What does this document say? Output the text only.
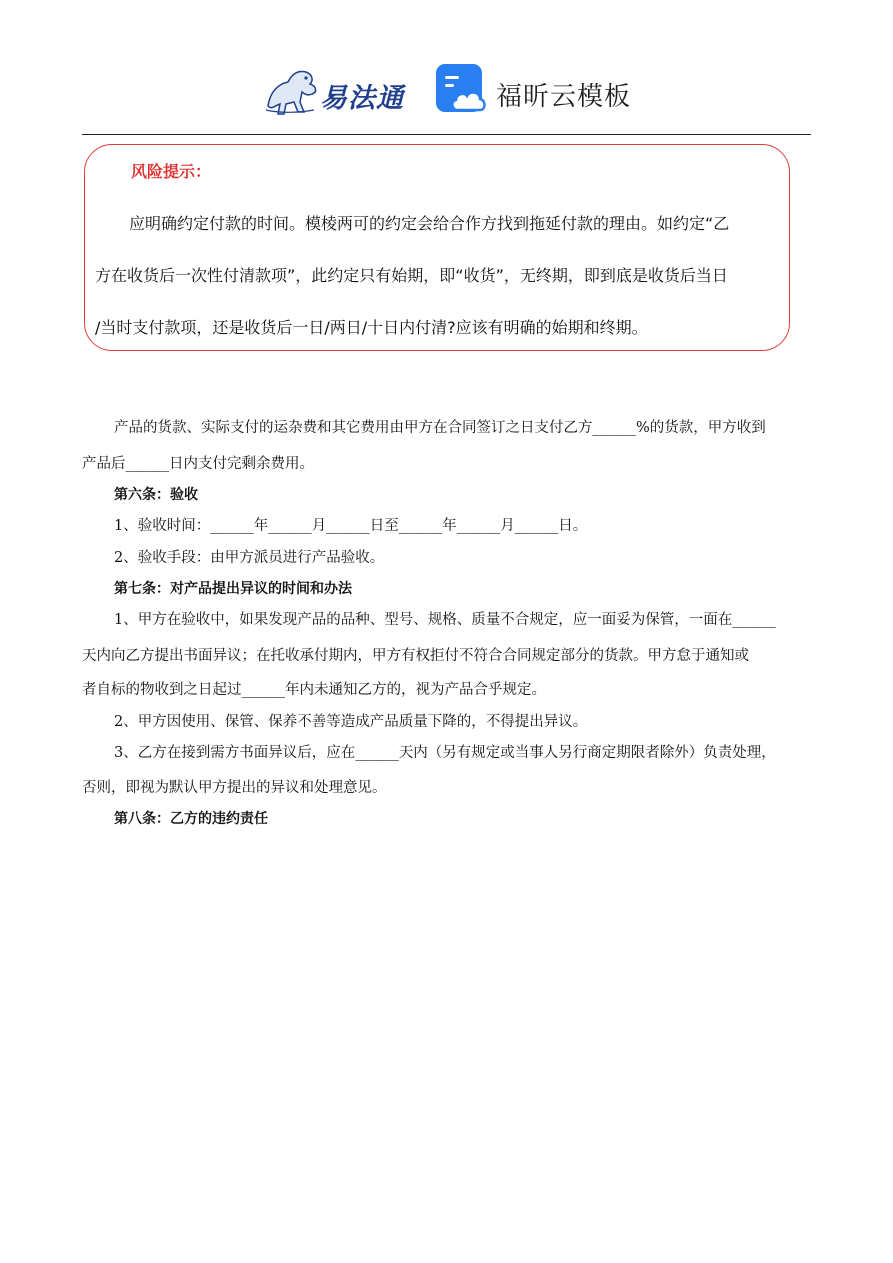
易法通	福昕云模板
风险提示：
应明确约定付款的时间。模棱两可的约定会给合作方找到拖延付款的理由。如约定“乙
方在收货后一次性付清款项”，此约定只有始期，即“收货”，无终期，即到底是收货后当日
/当时支付款项，还是收货后一日/两日/十日内付清?应该有明确的始期和终期。
产品的货款、实际支付的运杂费和其它费用由甲方在合同签订之日支付乙方______%的货款，甲方收到
产品后______日内支付完剩余费用。
第六条：验收
1、验收时间：______年______月______日至______年______月______日。
2、验收手段：由甲方派员进行产品验收。
第七条：对产品提出异议的时间和办法
1、甲方在验收中，如果发现产品的品种、型号、规格、质量不合规定，应一面妥为保管，一面在______
天内向乙方提出书面异议；在托收承付期内，甲方有权拒付不符合合同规定部分的货款。甲方怠于通知或
者自标的物收到之日起过______年内未通知乙方的，视为产品合乎规定。
2、甲方因使用、保管、保养不善等造成产品质量下降的，不得提出异议。
3、乙方在接到需方书面异议后，应在______天内（另有规定或当事人另行商定期限者除外）负责处理，
否则，即视为默认甲方提出的异议和处理意见。
第八条：乙方的违约责任
